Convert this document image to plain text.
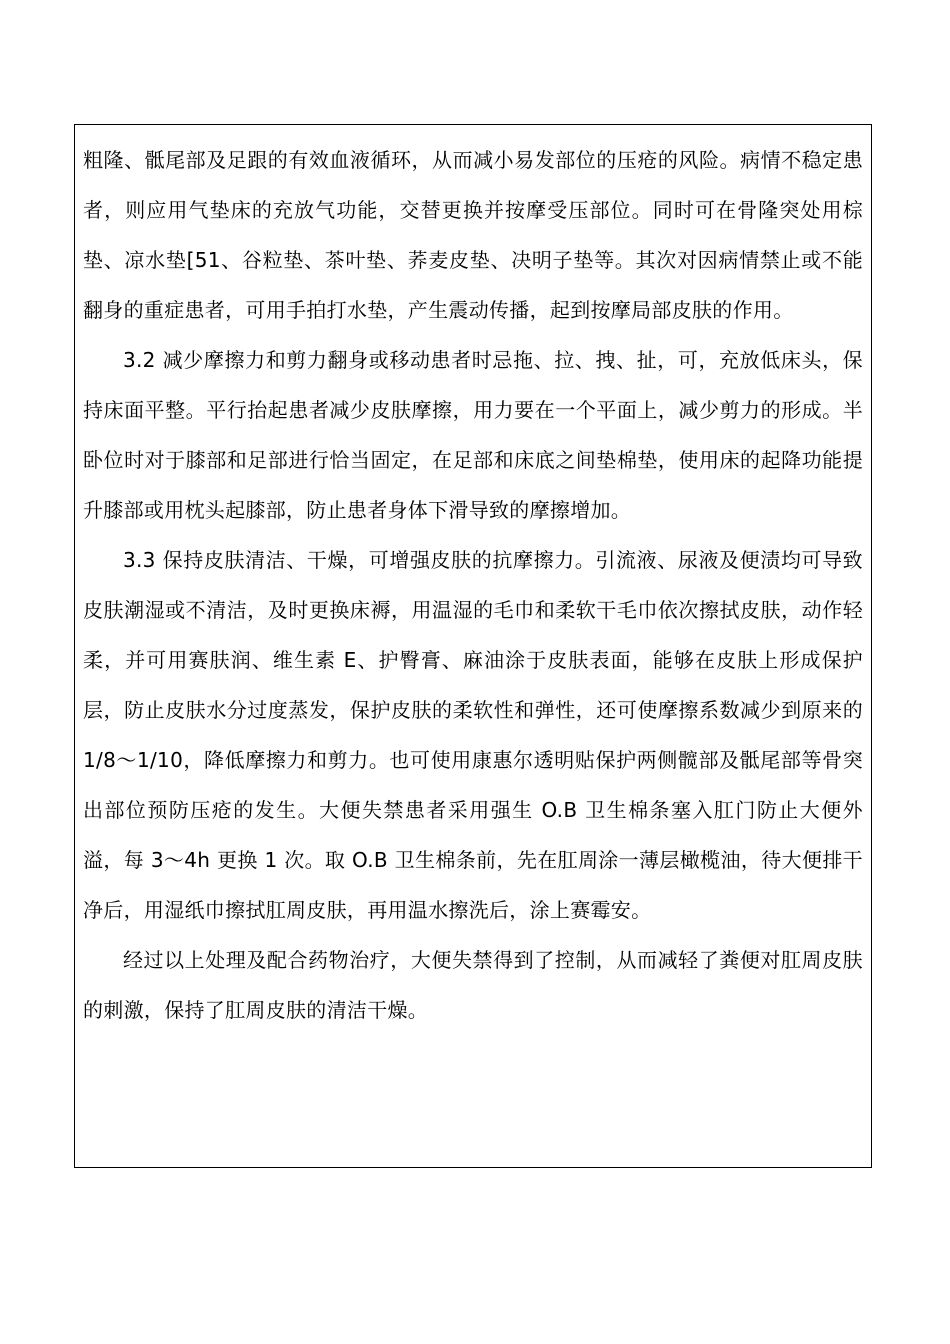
粗隆、骶尾部及足跟的有效血液循环，从而减小易发部位的压疮的风险。病情不稳定患者，则应用气垫床的充放气功能，交替更换并按摩受压部位。同时可在骨隆突处用棕垫、凉水垫[51、谷粒垫、茶叶垫、荞麦皮垫、决明子垫等。其次对因病情禁止或不能翻身的重症患者，可用手拍打水垫，产生震动传播，起到按摩局部皮肤的作用。

3.2 减少摩擦力和剪力翻身或移动患者时忌拖、拉、拽、扯，可，充放低床头，保持床面平整。平行抬起患者减少皮肤摩擦，用力要在一个平面上，减少剪力的形成。半卧位时对于膝部和足部进行恰当固定，在足部和床底之间垫棉垫，使用床的起降功能提升膝部或用枕头起膝部，防止患者身体下滑导致的摩擦增加。

3.3 保持皮肤清洁、干燥，可增强皮肤的抗摩擦力。引流液、尿液及便渍均可导致皮肤潮湿或不清洁，及时更换床褥，用温湿的毛巾和柔软干毛巾依次擦拭皮肤，动作轻柔，并可用赛肤润、维生素 E、护臀膏、麻油涂于皮肤表面，能够在皮肤上形成保护层，防止皮肤水分过度蒸发，保护皮肤的柔软性和弹性，还可使摩擦系数减少到原来的 1/8～1/10，降低摩擦力和剪力。也可使用康惠尔透明贴保护两侧髋部及骶尾部等骨突出部位预防压疮的发生。大便失禁患者采用强生 O.B 卫生棉条塞入肛门防止大便外溢，每 3～4h 更换 1 次。取 O.B 卫生棉条前，先在肛周涂一薄层橄榄油，待大便排干净后，用湿纸巾擦拭肛周皮肤，再用温水擦洗后，涂上赛霉安。

经过以上处理及配合药物治疗，大便失禁得到了控制，从而减轻了粪便对肛周皮肤的刺激，保持了肛周皮肤的清洁干燥。
